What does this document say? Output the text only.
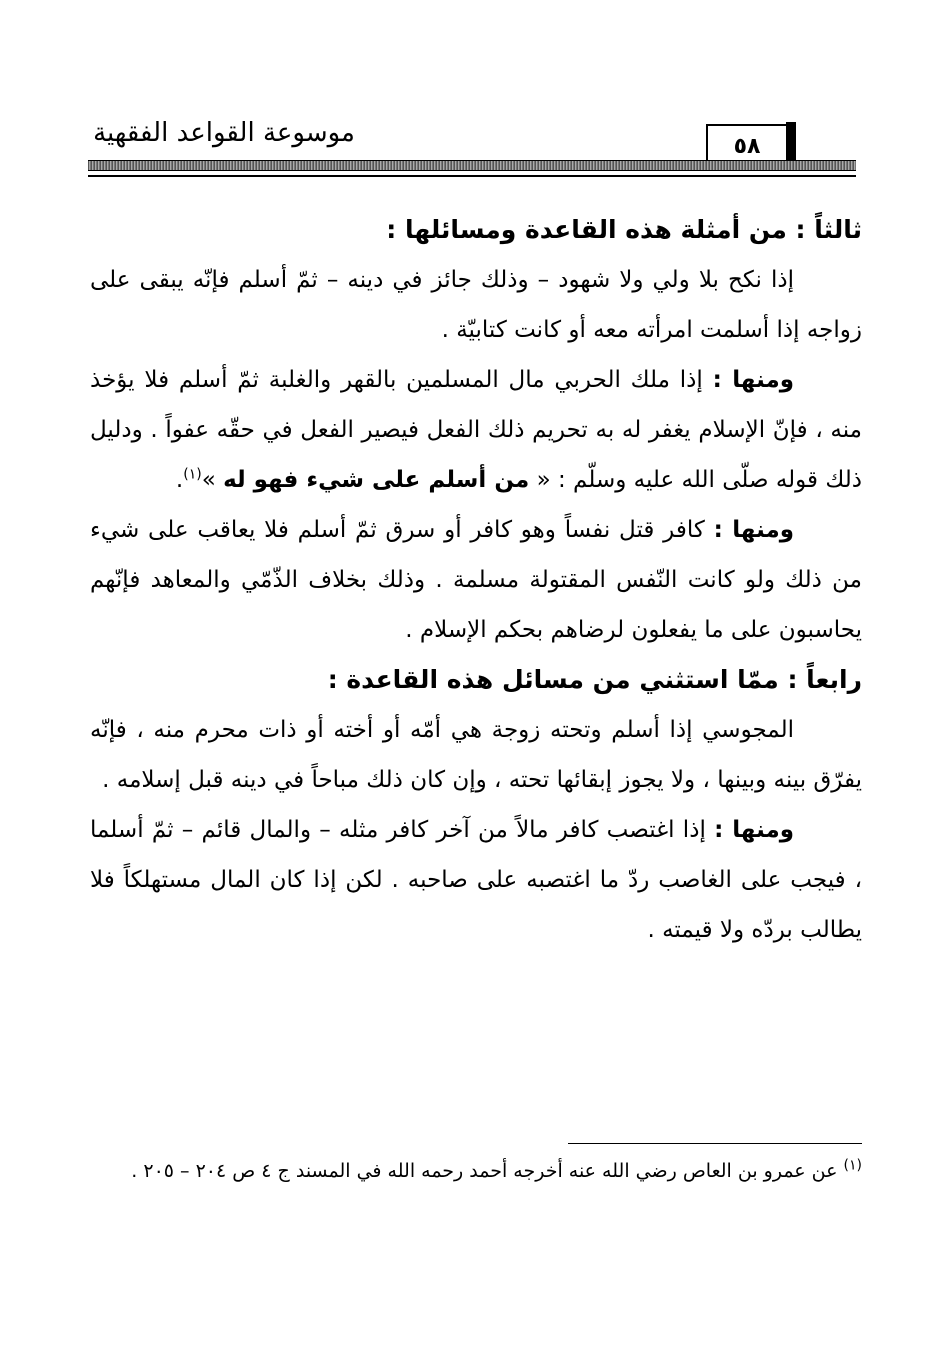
موسوعة القواعد الفقهية	٥٨

ثالثاً : من أمثلة هذه القاعدة ومسائلها :

إذا نكح بلا ولي ولا شهود – وذلك جائز في دينه – ثمّ أسلم فإنّه يبقى على زواجه إذا أسلمت امرأته معه أو كانت كتابيّة .

ومنها : إذا ملك الحربي مال المسلمين بالقهر والغلبة ثمّ أسلم فلا يؤخذ منه ، فإنّ الإسلام يغفر له به تحريم ذلك الفعل فيصير الفعل في حقّه عفواً . ودليل ذلك قوله صلّى الله عليه وسلّم : « من أسلم على شيء فهو له »$^{(١)}$.

ومنها : كافر قتل نفساً وهو كافر أو سرق ثمّ أسلم فلا يعاقب على شيء من ذلك ولو كانت النّفس المقتولة مسلمة . وذلك بخلاف الذّمّي والمعاهد فإنّهم يحاسبون على ما يفعلون لرضاهم بحكم الإسلام .

رابعاً : ممّا استثني من مسائل هذه القاعدة :

المجوسي إذا أسلم وتحته زوجة هي أمّه أو أخته أو ذات محرم منه ، فإنّه يفرّق بينه وبينها ، ولا يجوز إبقائها تحته ، وإن كان ذلك مباحاً في دينه قبل إسلامه .

ومنها : إذا اغتصب كافر مالاً من آخر كافر مثله – والمال قائم – ثمّ أسلما ، فيجب على الغاصب ردّ ما اغتصبه على صاحبه . لكن إذا كان المال مستهلكاً فلا يطالب بردّه ولا قيمته .

$^{(١)}$ عن عمرو بن العاص رضي الله عنه أخرجه أحمد رحمه الله في المسند ج ٤ ص ٢٠٤ – ٢٠٥ .
